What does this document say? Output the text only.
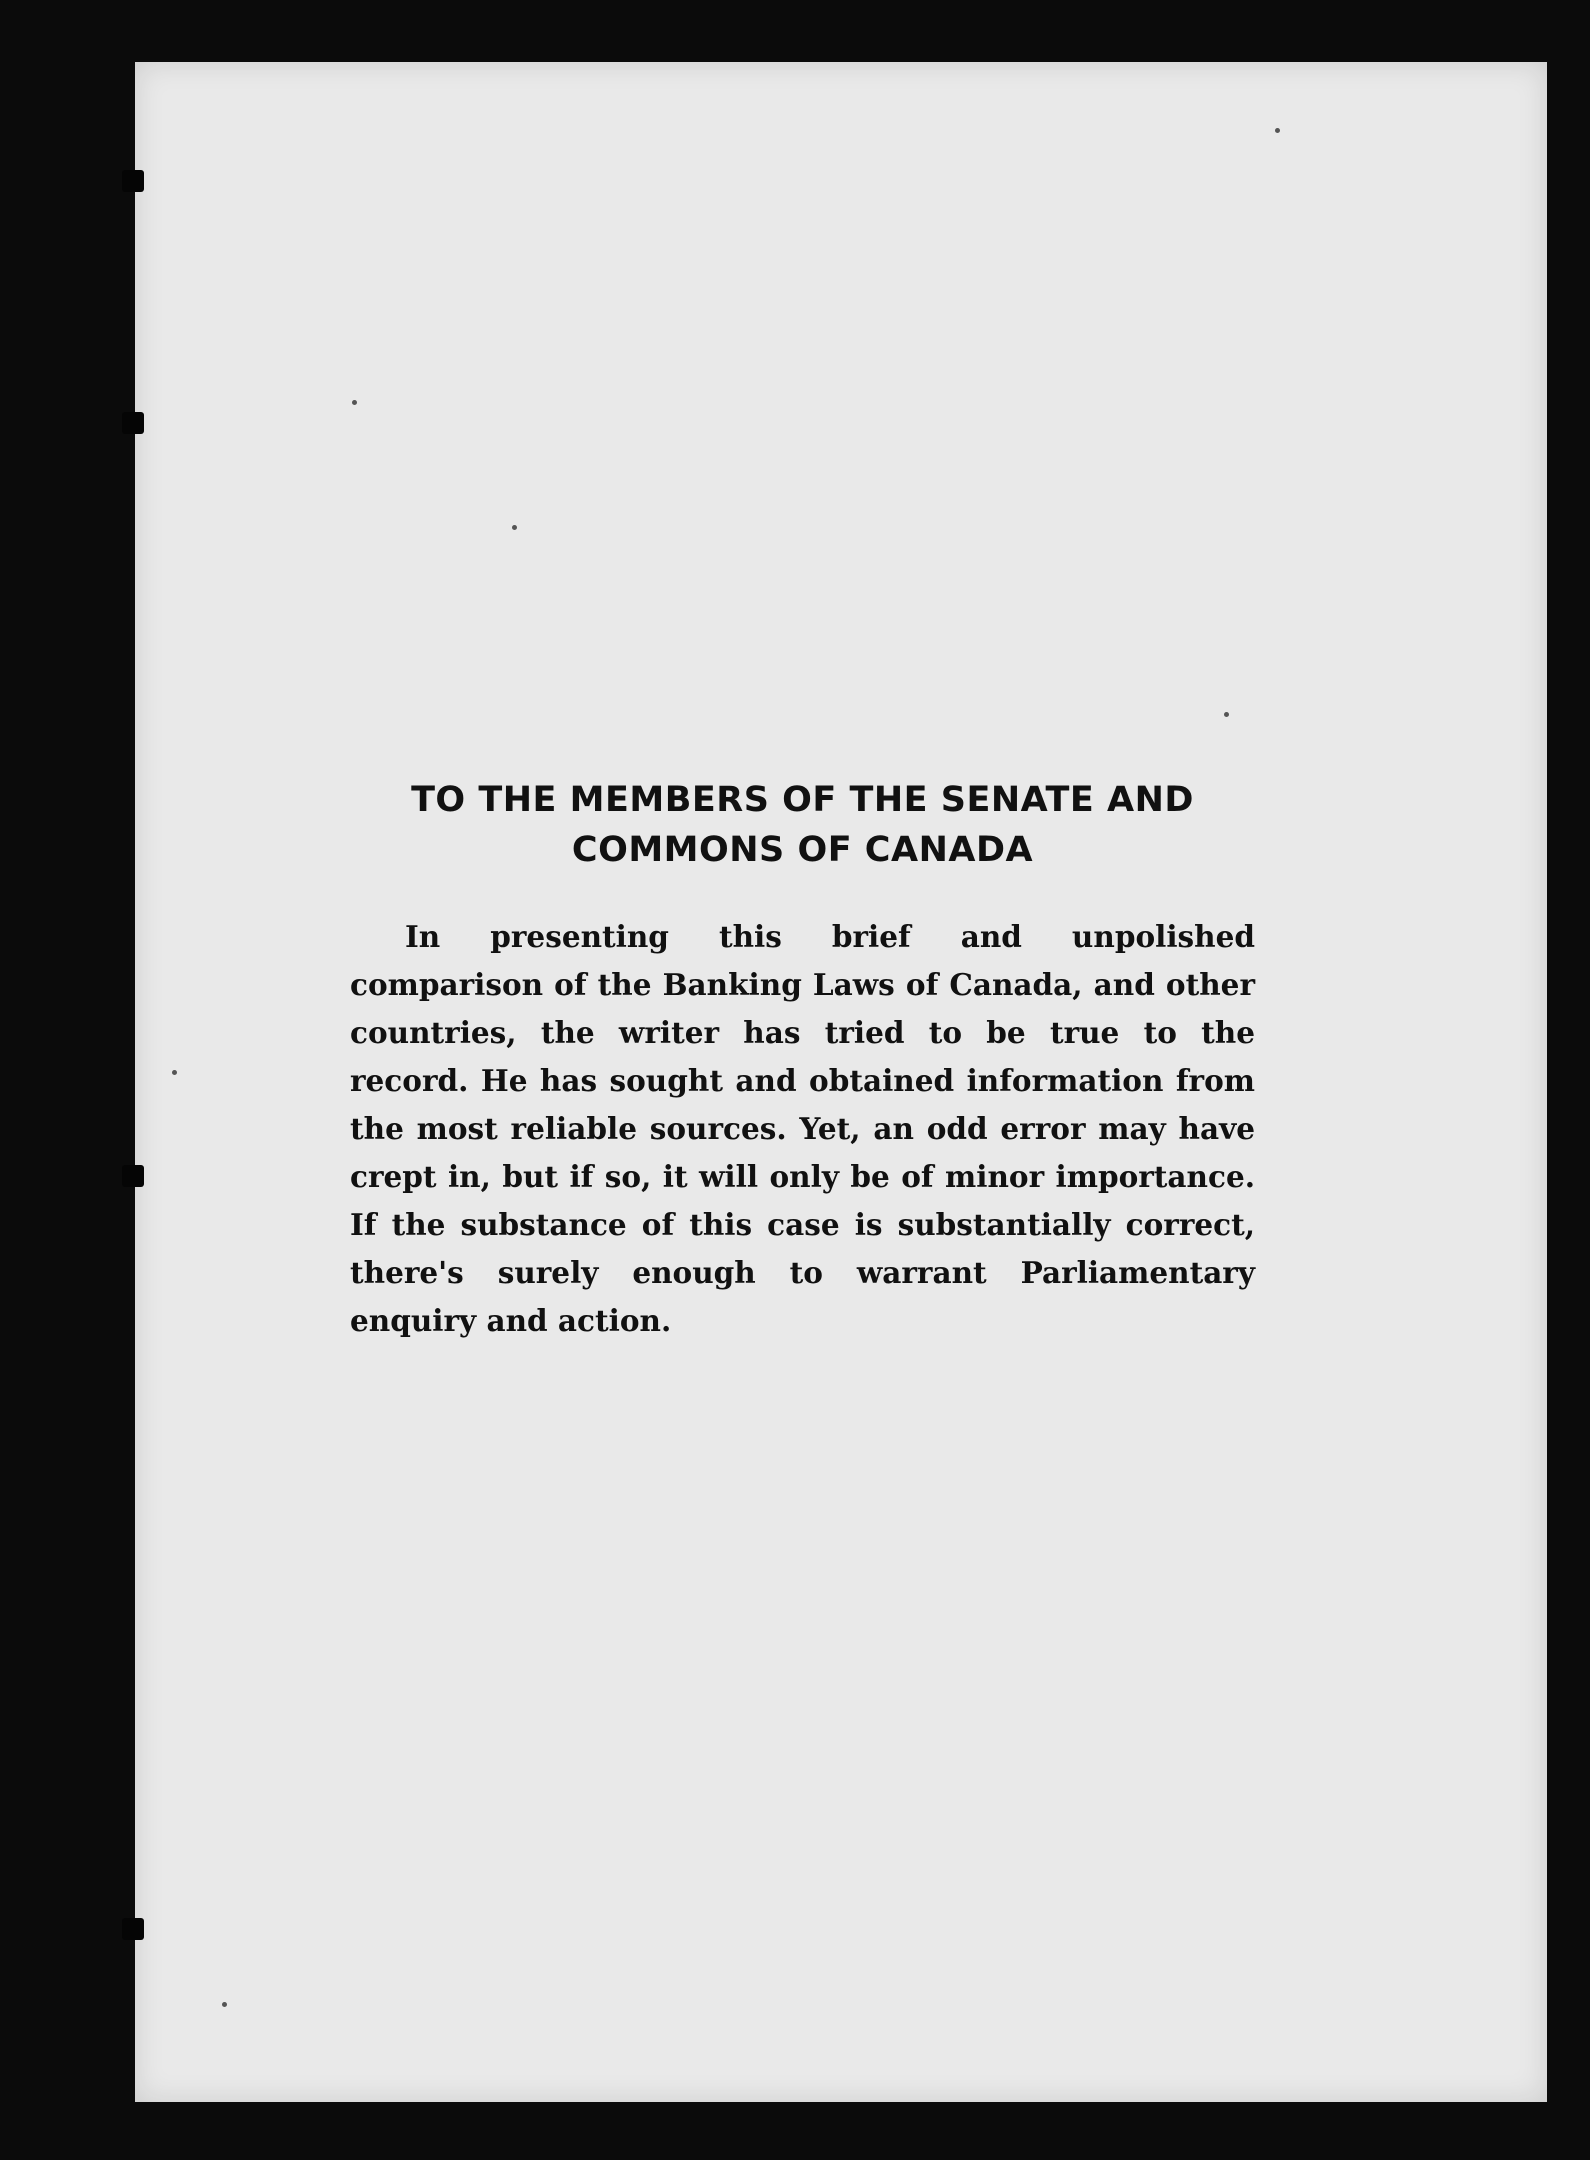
TO THE MEMBERS OF THE SENATE AND
COMMONS OF CANADA

In presenting this brief and unpolished comparison of the Banking Laws of Canada, and other countries, the writer has tried to be true to the record. He has sought and obtained information from the most reliable sources. Yet, an odd error may have crept in, but if so, it will only be of minor importance. If the substance of this case is substantially correct, there's surely enough to warrant Parliamentary enquiry and action.
